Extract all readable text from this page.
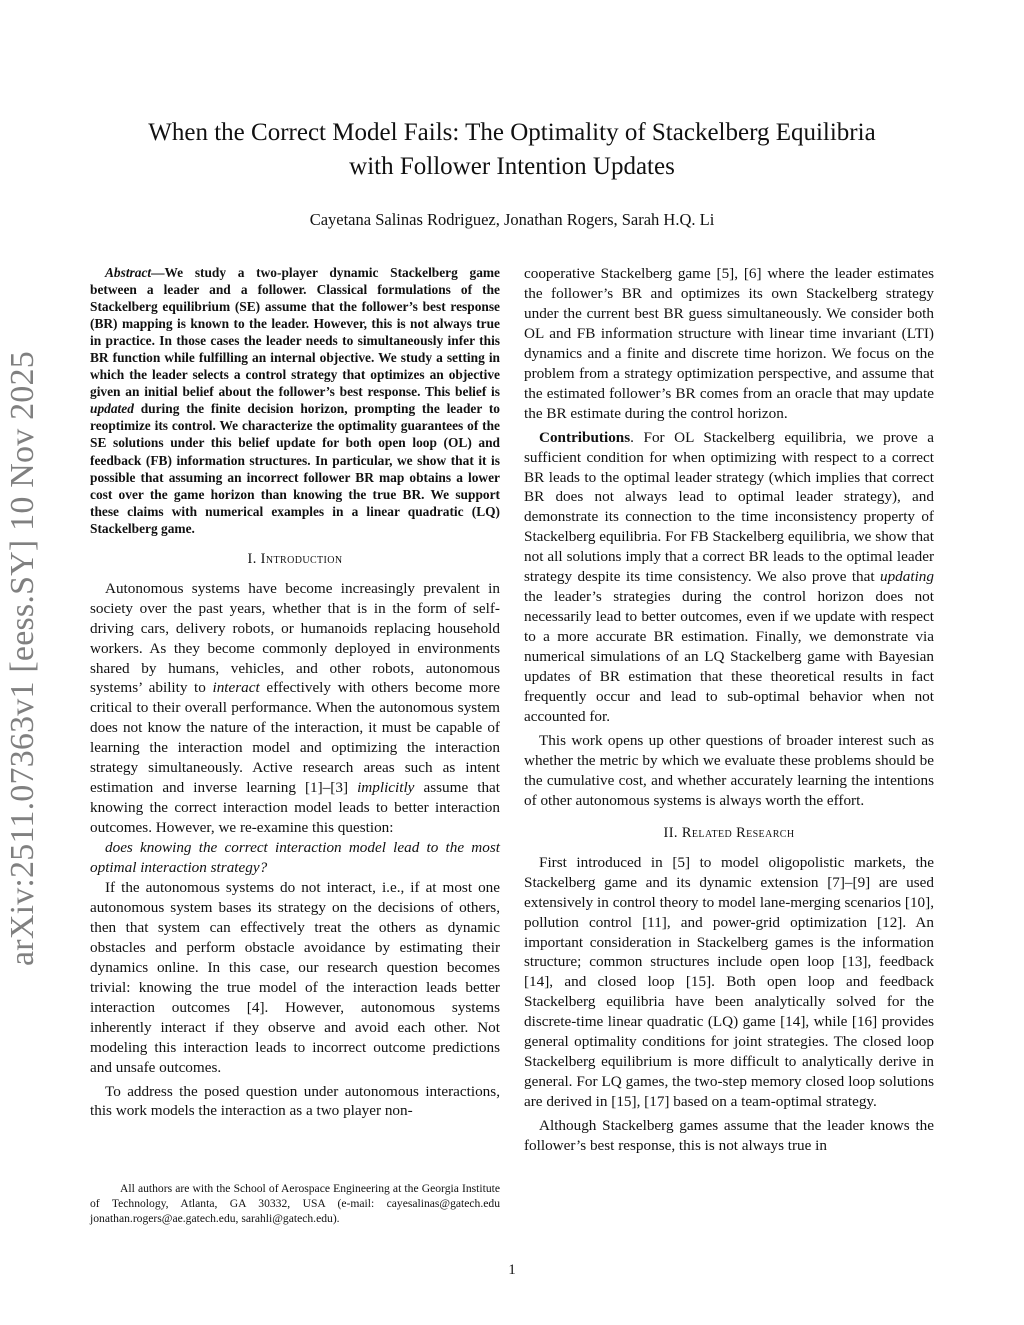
arXiv:2511.07363v1 [eess.SY] 10 Nov 2025
When the Correct Model Fails: The Optimality of Stackelberg Equilibria
with Follower Intention Updates
Cayetana Salinas Rodriguez, Jonathan Rogers, Sarah H.Q. Li

Abstract—We study a two-player dynamic Stackelberg game between a leader and a follower. Classical formulations of the Stackelberg equilibrium (SE) assume that the follower’s best response (BR) mapping is known to the leader. However, this is not always true in practice. In those cases the leader needs to simultaneously infer this BR function while fulfilling an internal objective. We study a setting in which the leader selects a control strategy that optimizes an objective given an initial belief about the follower’s best response. This belief is updated during the finite decision horizon, prompting the leader to reoptimize its control. We characterize the optimality guarantees of the SE solutions under this belief update for both open loop (OL) and feedback (FB) information structures. In particular, we show that it is possible that assuming an incorrect follower BR map obtains a lower cost over the game horizon than knowing the true BR. We support these claims with numerical examples in a linear quadratic (LQ) Stackelberg game.

I. Introduction

Autonomous systems have become increasingly prevalent in society over the past years, whether that is in the form of self-driving cars, delivery robots, or humanoids replacing household workers. As they become commonly deployed in environments shared by humans, vehicles, and other robots, autonomous systems’ ability to interact effectively with others become more critical to their overall performance. When the autonomous system does not know the nature of the interaction, it must be capable of learning the interaction model and optimizing the interaction strategy simultaneously. Active research areas such as intent estimation and inverse learning [1]–[3] implicitly assume that knowing the correct interaction model leads to better interaction outcomes. However, we re-examine this question:

does knowing the correct interaction model lead to the most optimal interaction strategy?

If the autonomous systems do not interact, i.e., if at most one autonomous system bases its strategy on the decisions of others, then that system can effectively treat the others as dynamic obstacles and perform obstacle avoidance by estimating their dynamics online. In this case, our research question becomes trivial: knowing the true model of the interaction leads better interaction outcomes [4]. However, autonomous systems inherently interact if they observe and avoid each other. Not modeling this interaction leads to incorrect outcome predictions and unsafe outcomes.

To address the posed question under autonomous interactions, this work models the interaction as a two player non-

All authors are with the School of Aerospace Engineering at the Georgia Institute of Technology, Atlanta, GA 30332, USA (e-mail: cayesalinas@gatech.edu jonathan.rogers@ae.gatech.edu, sarahli@gatech.edu).

cooperative Stackelberg game [5], [6] where the leader estimates the follower’s BR and optimizes its own Stackelberg strategy under the current best BR guess simultaneously. We consider both OL and FB information structure with linear time invariant (LTI) dynamics and a finite and discrete time horizon. We focus on the problem from a strategy optimization perspective, and assume that the estimated follower’s BR comes from an oracle that may update the BR estimate during the control horizon.

Contributions. For OL Stackelberg equilibria, we prove a sufficient condition for when optimizing with respect to a correct BR leads to the optimal leader strategy (which implies that correct BR does not always lead to optimal leader strategy), and demonstrate its connection to the time inconsistency property of Stackelberg equilibria. For FB Stackelberg equilibria, we show that not all solutions imply that a correct BR leads to the optimal leader strategy despite its time consistency. We also prove that updating the leader’s strategies during the control horizon does not necessarily lead to better outcomes, even if we update with respect to a more accurate BR estimation. Finally, we demonstrate via numerical simulations of an LQ Stackelberg game with Bayesian updates of BR estimation that these theoretical results in fact frequently occur and lead to sub-optimal behavior when not accounted for.

This work opens up other questions of broader interest such as whether the metric by which we evaluate these problems should be the cumulative cost, and whether accurately learning the intentions of other autonomous systems is always worth the effort.

II. Related Research

First introduced in [5] to model oligopolistic markets, the Stackelberg game and its dynamic extension [7]–[9] are used extensively in control theory to model lane-merging scenarios [10], pollution control [11], and power-grid optimization [12]. An important consideration in Stackelberg games is the information structure; common structures include open loop [13], feedback [14], and closed loop [15]. Both open loop and feedback Stackelberg equilibria have been analytically solved for the discrete-time linear quadratic (LQ) game [14], while [16] provides general optimality conditions for joint strategies. The closed loop Stackelberg equilibrium is more difficult to analytically derive in general. For LQ games, the two-step memory closed loop solutions are derived in [15], [17] based on a team-optimal strategy.

Although Stackelberg games assume that the leader knows the follower’s best response, this is not always true in

1
